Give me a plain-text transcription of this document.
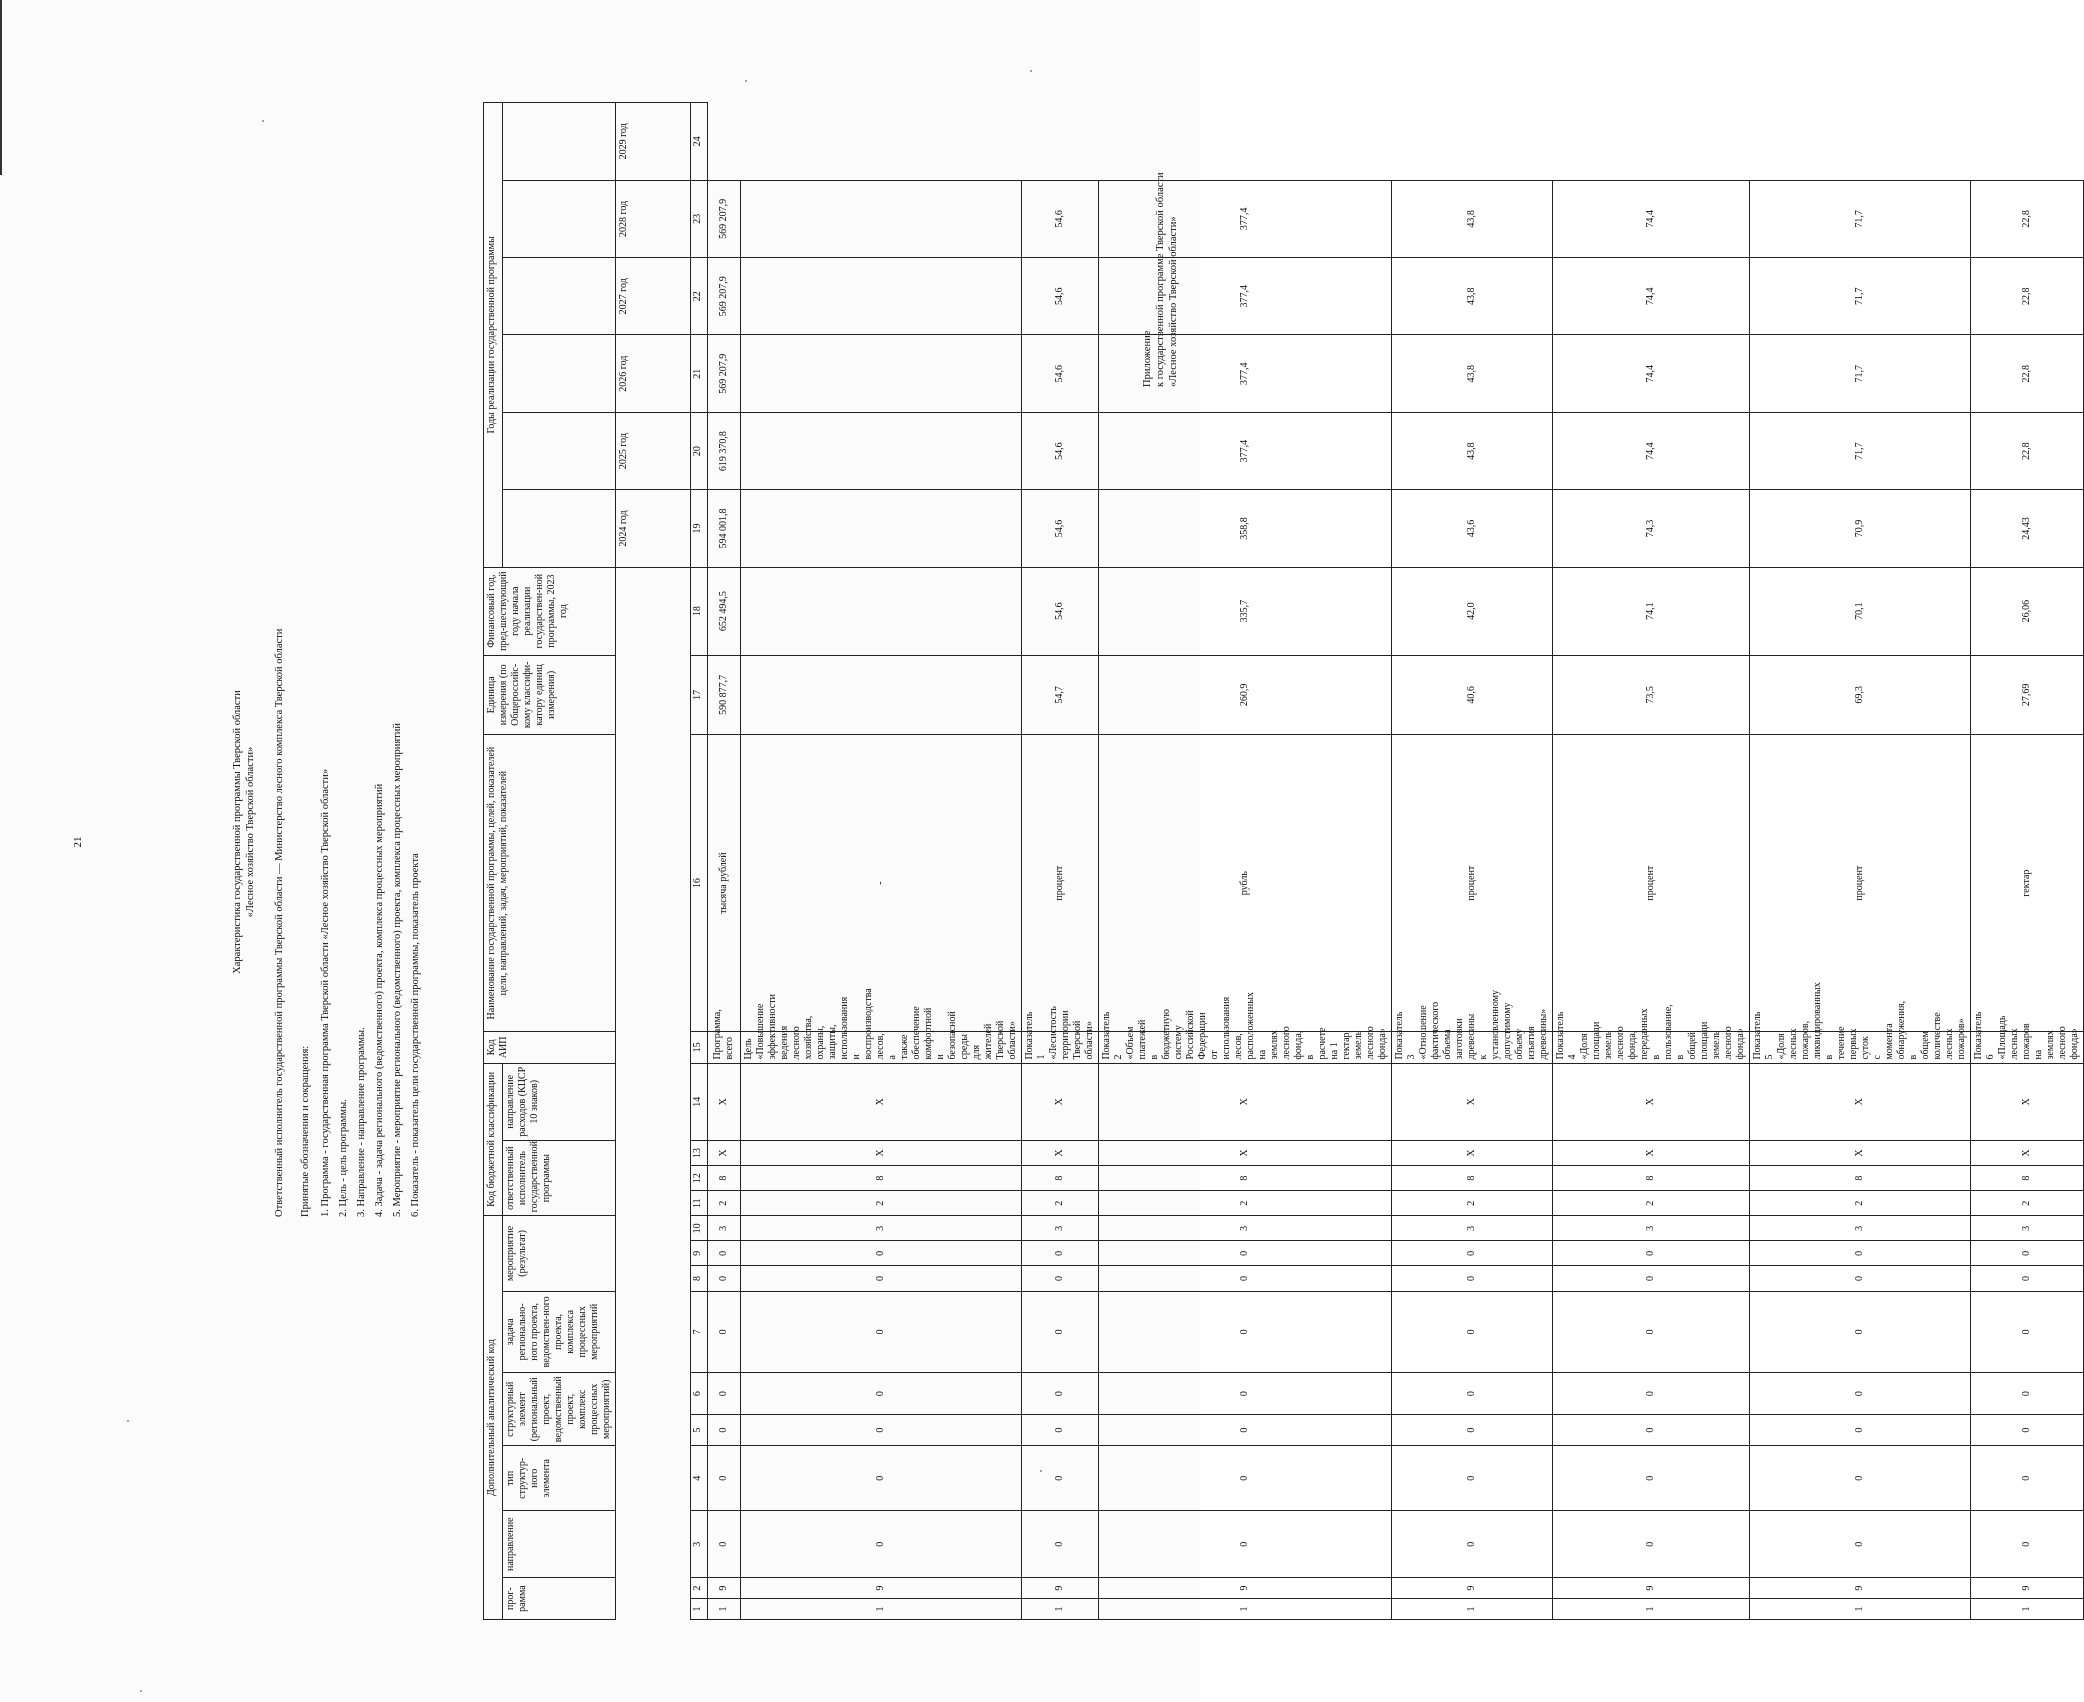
Приложение к государственной программе Тверской области «Лесное хозяйство Тверской области»
21	Характеристика государственной программы Тверской области «Лесное хозяйство Тверской области» Ответственный исполнитель государственной программы Тверской области — Министерство лесного комплекса Тверской области Принятые обозначения и сокращения: 1. Программа - государственная программа Тверской области «Лесное хозяйство Тверской области» 2. Цель - цель программы. 3. Направление - направление программы. 4. Задача - задача регионального (ведомственного) проекта, комплекса процессных мероприятий 5. Мероприятие - мероприятие регионального (ведомственного) проекта, комплекса процессных мероприятий 6. Показатель - показатель цели государственной программы, показатель проекта
Дополнительный аналитический код										Код бюджетной классификации				Код АИП	Наименование государственной программы, целей, показателей цели, направлений, задач, мероприятий, показателей	Единица измерения (по Общероссийс-кому классифи-катору единиц измерения)	Финансовый год, пред-шествующий году начала реализации государствен-ной программы, 2023 год	Годы реализации государственной программы					
прог-рамма		направление	тип структур-ного элемента	структурный элемент (региональный проект, ведомственный проект, комплекс процессных мероприятий)		задача регионально-ного проекта, ведомствен-ного проекта, комплекса процессных мероприятий	мероприятие (результат)			ответственный исполнитель государственной программы			направление расходов (КЦСР 10 знаков)										

																		2024 год	2025 год	2026 год	2027 год	2028 год	2029 год
1	2	3	4	5	6	7	8	9	10	11	12	13	14	15	16	17	18	19	20	21	22	23	24
1	9	0	0	0	0	0	0	0	3	2	8	Х	Х	Программа, всего	тысяча рублей	590 877,7	652 494,5	594 001,8	619 370,8	569 207,9	569 207,9	569 207,9	
1	9	0	0	0	0	0	0	0	3	2	8	Х	Х	Цель «Повышение эффективности ведения лесного хозяйства, охраны, защиты, использования и воспроизводства лесов, а также обеспечение комфортной и безопасной среды для жителей Тверской области»	-								
1	9	0	0	0	0	0	0	0	3	2	8	Х	Х	Показатель 1 «Лесистость территории Тверской области»	процент	54,7	54,6	54,6	54,6	54,6	54,6	54,6	
1	9	0	0	0	0	0	0	0	3	2	8	Х	Х	Показатель 2 «Объем платежей в бюджетную систему Российской Федерации от использования лесов, расположенных на землях лесного фонда, в расчете на 1 гектар земель лесного фонда»	рубль	260,9	335,7	358,8	377,4	377,4	377,4	377,4	
1	9	0	0	0	0	0	0	0	3	2	8	Х	Х	Показатель 3 «Отношение фактического объема заготовки древесины к установленному допустимому объему изъятия древесины»	процент	40,6	42,0	43,6	43,8	43,8	43,8	43,8	
1	9	0	0	0	0	0	0	0	3	2	8	Х	Х	Показатель 4 «Доля площади земель лесного фонда, переданных в пользование, в общей площади земель лесного фонда»	процент	73,5	74,1	74,3	74,4	74,4	74,4	74,4	
1	9	0	0	0	0	0	0	0	3	2	8	Х	Х	Показатель 5 «Доля лесных пожаров, ликвидированных в течение первых суток с момента обнаружения, в общем количестве лесных пожаров»	процент	69,3	70,1	70,9	71,7	71,7	71,7	71,7	
1	9	0	0	0	0	0	0	0	3	2	8	Х	Х	Показатель 6 «Площадь лесных пожаров на землях лесного фонда»	гектар	27,69	26,06	24,43	22,8	22,8	22,8	22,8	
